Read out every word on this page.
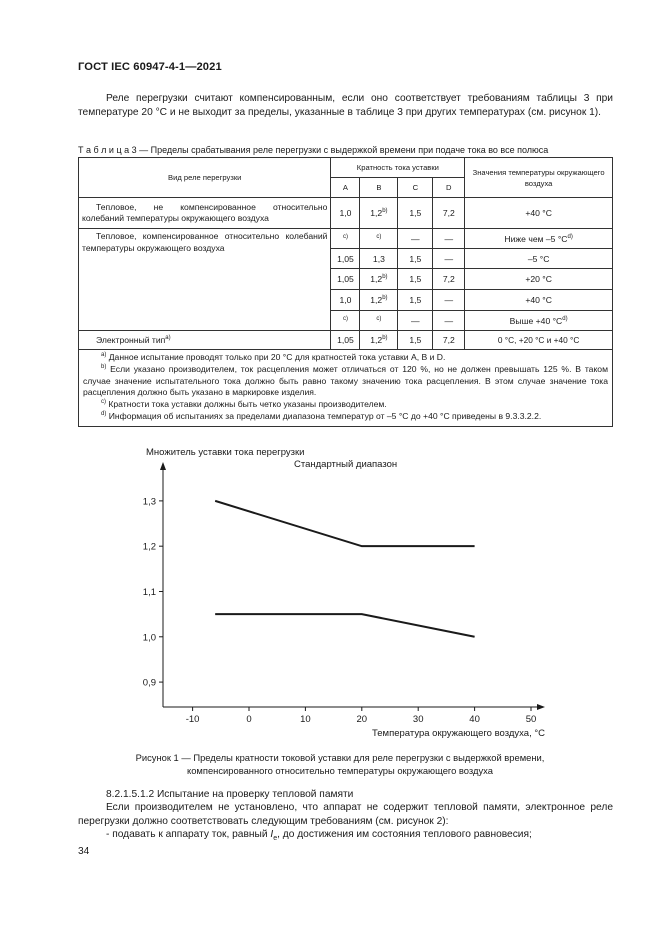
ГОСТ IEC 60947-4-1—2021
Реле перегрузки считают компенсированным, если оно соответствует требованиям таблицы 3 при температуре 20 °C и не выходит за пределы, указанные в таблице 3 при других температурах (см. рисунок 1).
Т а б л и ц а 3 — Пределы срабатывания реле перегрузки с выдержкой времени при подаче тока во все полюса
Вид реле перегрузки	Кратность тока уставки				Значения температуры окружающего воздуха
	A	B	C	D	
Тепловое, не компенсированное относительно колебаний температуры окружающего воздуха	1,0	1,2$^{b)}$	1,5	7,2	+40 °C
Тепловое, компенсированное относительно колебаний температуры окружающего воздуха	$^{c)}$	$^{c)}$	—	—	Ниже чем –5 $^\circ C^{d)}$
	1,05	1,3	1,5	—	–5 °C
	1,05	1,2$^{b)}$	1,5	7,2	+20 °C
	1,0	1,2$^{b)}$	1,5	—	+40 °C
	$^{c)}$	$^{c)}$	—	—	Выше +40 $^\circ C^{d)}$
Электронный тип$^{a)}$	1,05	1,2$^{b)}$	1,5	7,2	0 °C, +20 °C и +40 °C

$^{a)}$ Данное испытание проводят только при 20 °C для кратностей тока уставки A, B и D.
$^{b)}$ Если указано производителем, ток расцепления может отличаться от 120 %, но не должен превышать 125 %. В таком случае значение испытательного тока должно быть равно такому значению тока расцепления. В этом случае значение тока расцепления должно быть указано в маркировке изделия.
$^{c)}$ Кратности тока уставки должны быть четко указаны производителем.
$^{d)}$ Информация об испытаниях за пределами диапазона температур от –5 °C до +40 °C приведены в 9.3.3.2.2.					
Множитель уставки тока перегрузки
Стандартный диапазон
Температура окружающего воздуха, °C
-10	0	10	20	30	40	50
0,9
1,0
1,1
1,2
1,3
Рисунок 1 — Пределы кратности токовой уставки для реле перегрузки с выдержкой времени,
компенсированного относительно температуры окружающего воздуха
8.2.1.5.1.2 Испытание на проверку тепловой памяти
Если производителем не установлено, что аппарат не содержит тепловой памяти, электронное реле перегрузки должно соответствовать следующим требованиям (см. рисунок 2):
- подавать к аппарату ток, равный $I_e$, до достижения им состояния теплового равновесия;
34
